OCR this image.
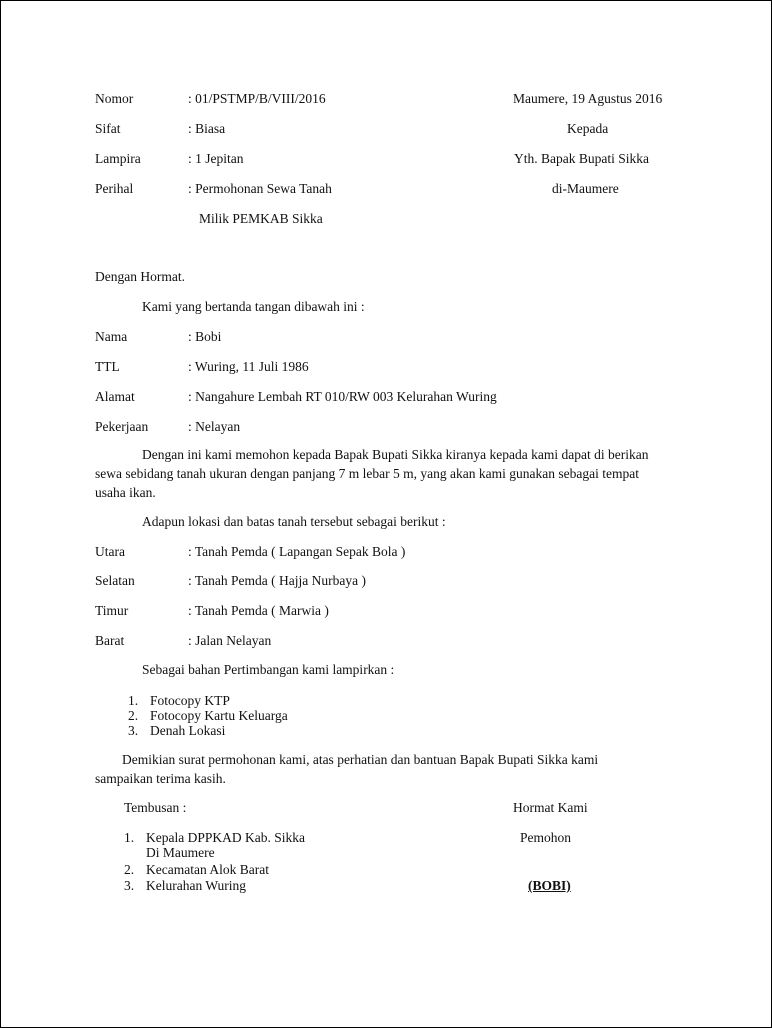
Nomor	: 01/PSTMP/B/VIII/2016
Sifat	: Biasa
Lampira	: 1 Jepitan
Perihal	: Permohonan Sewa Tanah
Milik PEMKAB Sikka
Maumere, 19 Agustus 2016
Kepada
Yth. Bapak Bupati Sikka
di-Maumere
Dengan Hormat.
Kami yang bertanda tangan dibawah ini :
Nama	: Bobi
TTL	: Wuring, 11 Juli 1986
Alamat	: Nangahure Lembah RT 010/RW 003 Kelurahan Wuring
Pekerjaan	: Nelayan
Dengan ini kami memohon kepada Bapak Bupati Sikka kiranya kepada kami dapat di berikan
sewa sebidang tanah ukuran dengan panjang 7 m lebar 5 m, yang akan kami gunakan sebagai tempat
usaha ikan.
Adapun lokasi dan batas tanah tersebut sebagai berikut :
Utara	: Tanah Pemda ( Lapangan Sepak Bola )
Selatan	: Tanah Pemda ( Hajja Nurbaya )
Timur	: Tanah Pemda ( Marwia )
Barat	: Jalan Nelayan
Sebagai bahan Pertimbangan kami lampirkan :
1. Fotocopy KTP
2. Fotocopy Kartu Keluarga
3. Denah Lokasi
Demikian surat permohonan kami, atas perhatian dan bantuan Bapak Bupati Sikka kami
sampaikan terima kasih.
Tembusan :	Hormat Kami
1. Kepala DPPKAD Kab. Sikka
Di Maumere
2. Kecamatan Alok Barat
3. Kelurahan Wuring
Pemohon
(BOBI)
